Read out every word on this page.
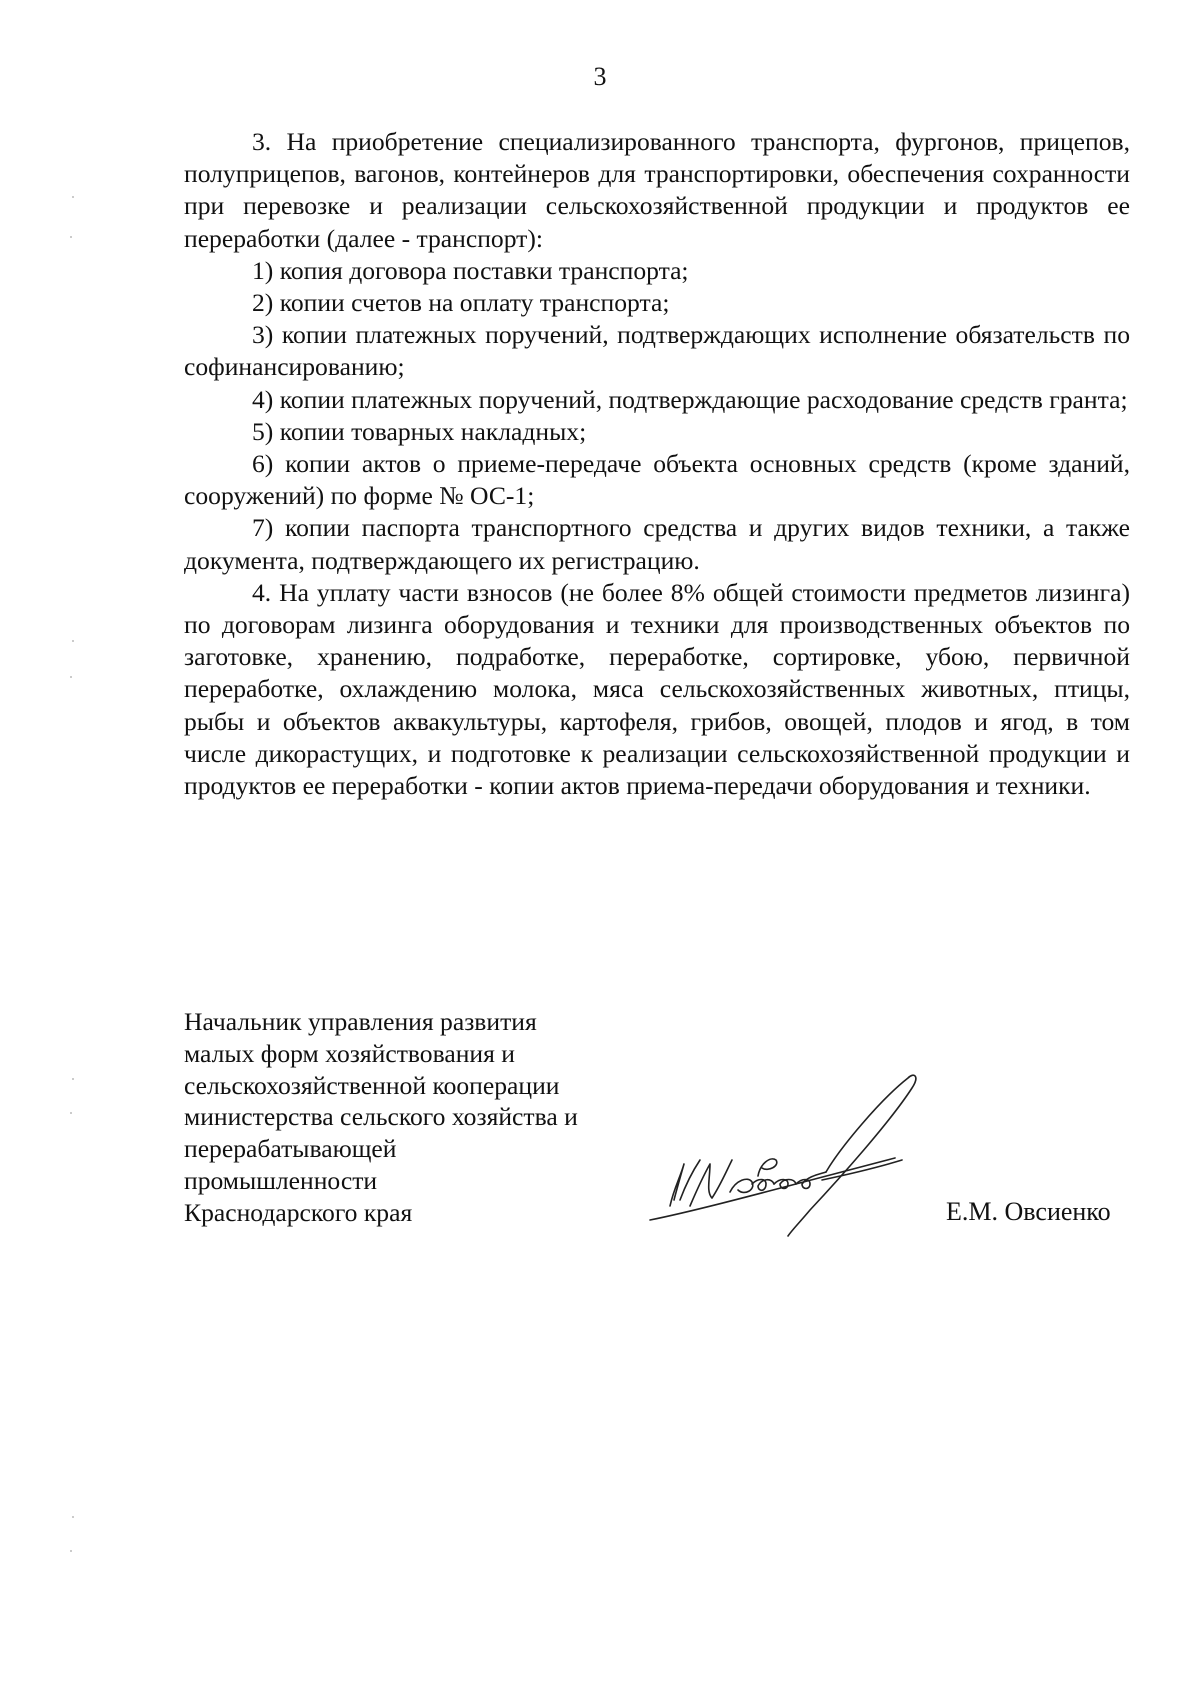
3

3. На приобретение специализированного транспорта, фургонов, прицепов, полуприцепов, вагонов, контейнеров для транспортировки, обеспечения сохранности при перевозке и реализации сельскохозяйственной продукции и продуктов ее переработки (далее - транспорт):

1) копия договора поставки транспорта;

2) копии счетов на оплату транспорта;

3) копии платежных поручений, подтверждающих исполнение обязательств по софинансированию;

4) копии платежных поручений, подтверждающие расходование средств гранта;

5) копии товарных накладных;

6) копии актов о приеме-передаче объекта основных средств (кроме зданий, сооружений) по форме № ОС-1;

7) копии паспорта транспортного средства и других видов техники, а также документа, подтверждающего их регистрацию.

4. На уплату части взносов (не более 8% общей стоимости предметов лизинга) по договорам лизинга оборудования и техники для производственных объектов по заготовке, хранению, подработке, переработке, сортировке, убою, первичной переработке, охлаждению молока, мяса сельскохозяйственных животных, птицы, рыбы и объектов аквакультуры, картофеля, грибов, овощей, плодов и ягод, в том числе дикорастущих, и подготовке к реализации сельскохозяйственной продукции и продуктов ее переработки - копии актов приема-передачи оборудования и техники.

Начальник управления развития
малых форм хозяйствования и
сельскохозяйственной кооперации
министерства сельского хозяйства и
перерабатывающей
промышленности
Краснодарского края	Е.М. Овсиенко
